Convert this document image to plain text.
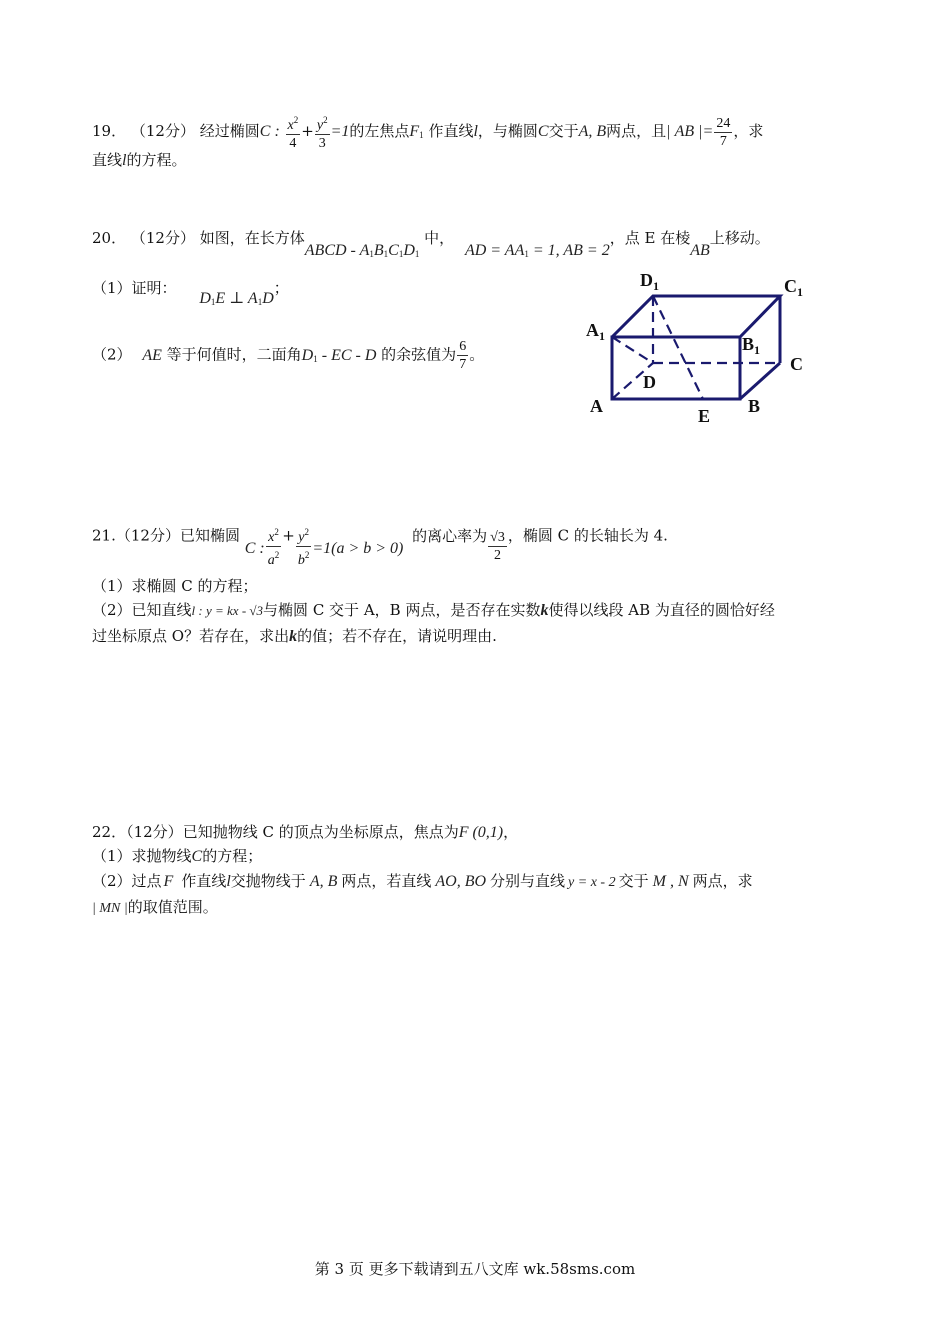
19． （12分） 经过椭圆C : $\frac{x^2}{4} + \frac{y^2}{3} =1$的左焦点$F_1$ 作直线l，与椭圆C交于A, B两点，且| AB |= $\frac{24}{7}$ ，求
直线l的方程。
20． （12分） 如图，在长方体ABCD - $A_1B_1C_1D_1$ 中， AD = $AA_1 = 1$, AB = 2，点 E 在棱AB上移动。
（1）证明： $D_1E$ ⊥ $A_1D$；
（2） AE 等于何值时，二面角$D_1$ - EC - D 的余弦值为 $\frac{6}{7}$ 。
$D_1$	$C_1$
$A_1$	$B_1$
C
D
A	B
E
21.（12分）已知椭圆 C : $\frac{x^2}{a^2} + \frac{y^2}{b^2} =1(a > b > 0)$ 的离心率为 $\frac{√3}{2}$ ，椭圆 C 的长轴长为 4.
（1）求椭圆 C 的方程；
（2）已知直线l : y = kx - √3与椭圆 C 交于 A，B 两点，是否存在实数k使得以线段 AB 为直径的圆恰好经
过坐标原点 O？若存在，求出k的值；若不存在，请说明理由.
22．（12分）已知抛物线 C 的顶点为坐标原点，焦点为F (0,1)，
（1）求抛物线C的方程；
（2）过点 F 作直线l交抛物线于 A, B 两点，若直线 AO, BO 分别与直线 y = x - 2 交于 M , N 两点，求
| MN |的取值范围。
第 3 页 更多下载请到五八文库 wk.58sms.com
